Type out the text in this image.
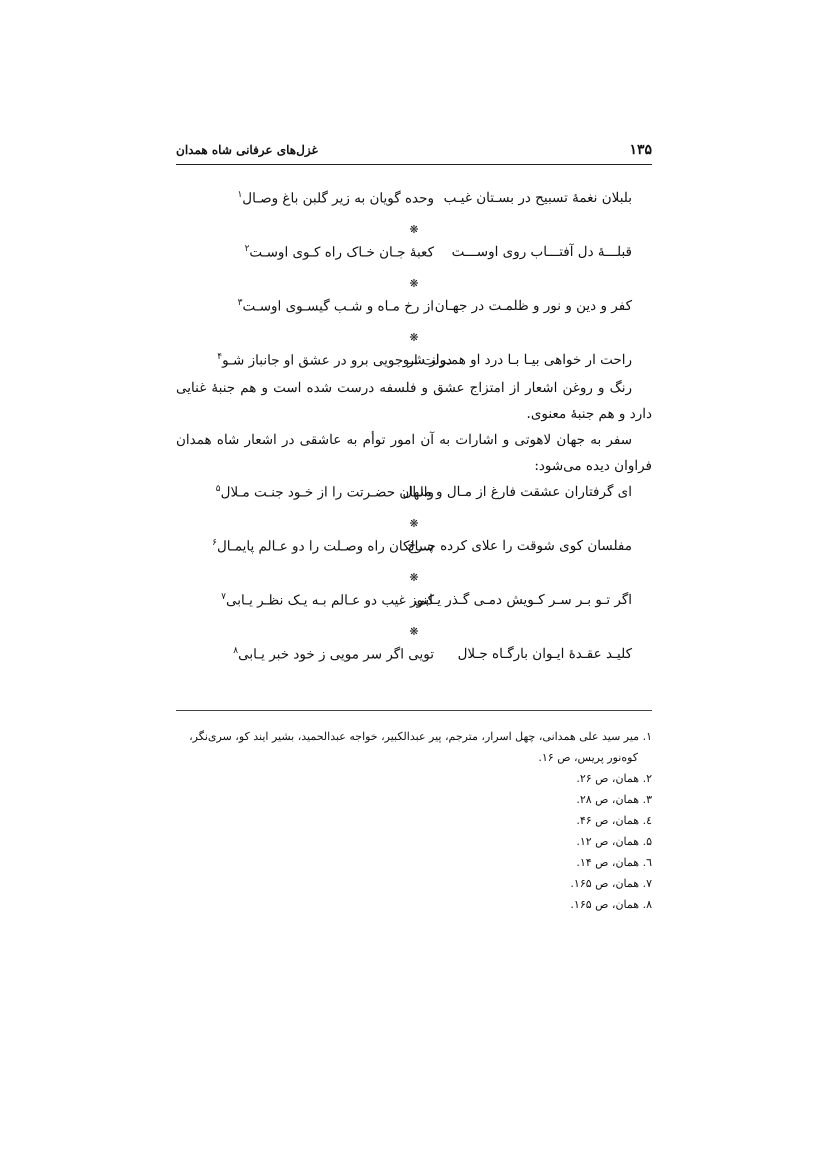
۱۳۵
غزل‌های عرفانی شاه همدان
بلبلان نغمهٔ تسبیح در بسـتان غیـب
وحده گویان به زیر گلبن باغ وصـال$^۱$
❋
قبلـــهٔ دل آفتـــاب روی اوســـت
کعبهٔ جـان خـاک راه کـوی اوسـت$^۲$
❋
کفر و دین و نور و ظلمـت در جهـان
از رخ مـاه و شـب گیسـوی اوسـت$^۳$
❋
راحت ار خواهی بیـا بـا درد او همـراز شـو
دولت ار جویی برو در عشق او جانباز شـو$^۴$

رنگ و روغن اشعار از امتزاج عشق و فلسفه درست شده است و هم جنبهٔ غنایی دارد و هم جنبهٔ معنوی.

سفر به جهان لاهوتی و اشارات به آن امور توأم به عاشقی در اشعار شاه همدان فراوان دیده می‌شود:

ای گرفتاران عشقت فارغ از مـال و منـال
والهان حضـرتت را از خـود جنـت مـلال$^۵$
❋
مفلسان کوی شوقت را علای کرده چـرخ
سـالکان راه وصـلت را دو عـالم پایمـال$^۶$
❋
اگر تـو بـر سـر کـویش دمـی گـذر یـابی
کنوز غیب دو عـالم بـه یـک نظـر یـابی$^۷$
❋
کلیـد عقـدهٔ ایـوان بارگـاه جـلال
تویی اگر سر مویی ز خود خبر یـابی$^۸$
۱. میر سید علی همدانی، چهل اسرار، مترجم، پیر عبدالکبیر، خواجه عبدالحمید، بشیر ایند کو، سری‌نگر، کوه‌نور پریس، ص ۱۶.
۲. همان، ص ۲۶.
۳. همان، ص ۲۸.
٤. همان، ص ۴۶.
۵. همان، ص ۱۲.
٦. همان، ص ۱۴.
۷. همان، ص ۱۶۵.
۸. همان، ص ۱۶۵.
